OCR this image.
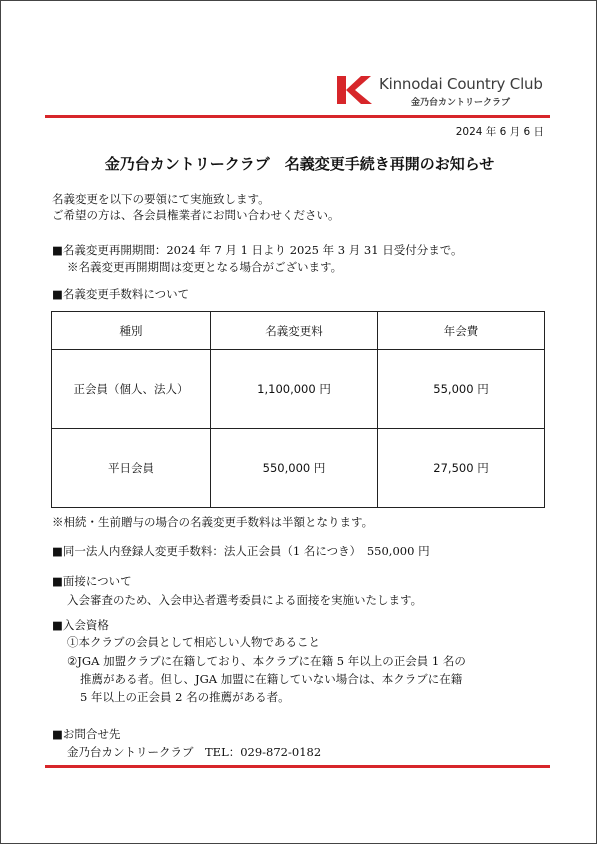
Kinnodai Country Club
金乃台カントリークラブ
2024 年 6 月 6 日
金乃台カントリークラブ　名義変更手続き再開のお知らせ
名義変更を以下の要領にて実施致します。
ご希望の方は、各会員権業者にお問い合わせください。
■名義変更再開期間：2024 年 7 月 1 日より 2025 年 3 月 31 日受付分まで。
※名義変更再開期間は変更となる場合がございます。
■名義変更手数料について
種別	名義変更料	年会費
正会員（個人、法人）	1,100,000 円	55,000 円
平日会員	550,000 円	27,500 円
※相続・生前贈与の場合の名義変更手数料は半額となります。
■同一法人内登録人変更手数料：法人正会員（1 名につき）　550,000 円
■面接について
入会審査のため、入会申込者選考委員による面接を実施いたします。
■入会資格
①本クラブの会員として相応しい人物であること
②JGA 加盟クラブに在籍しており、本クラブに在籍 5 年以上の正会員 1 名の
推薦がある者。但し、JGA 加盟に在籍していない場合は、本クラブに在籍
5 年以上の正会員 2 名の推薦がある者。
■お問合せ先
金乃台カントリークラブ　TEL：029-872-0182
